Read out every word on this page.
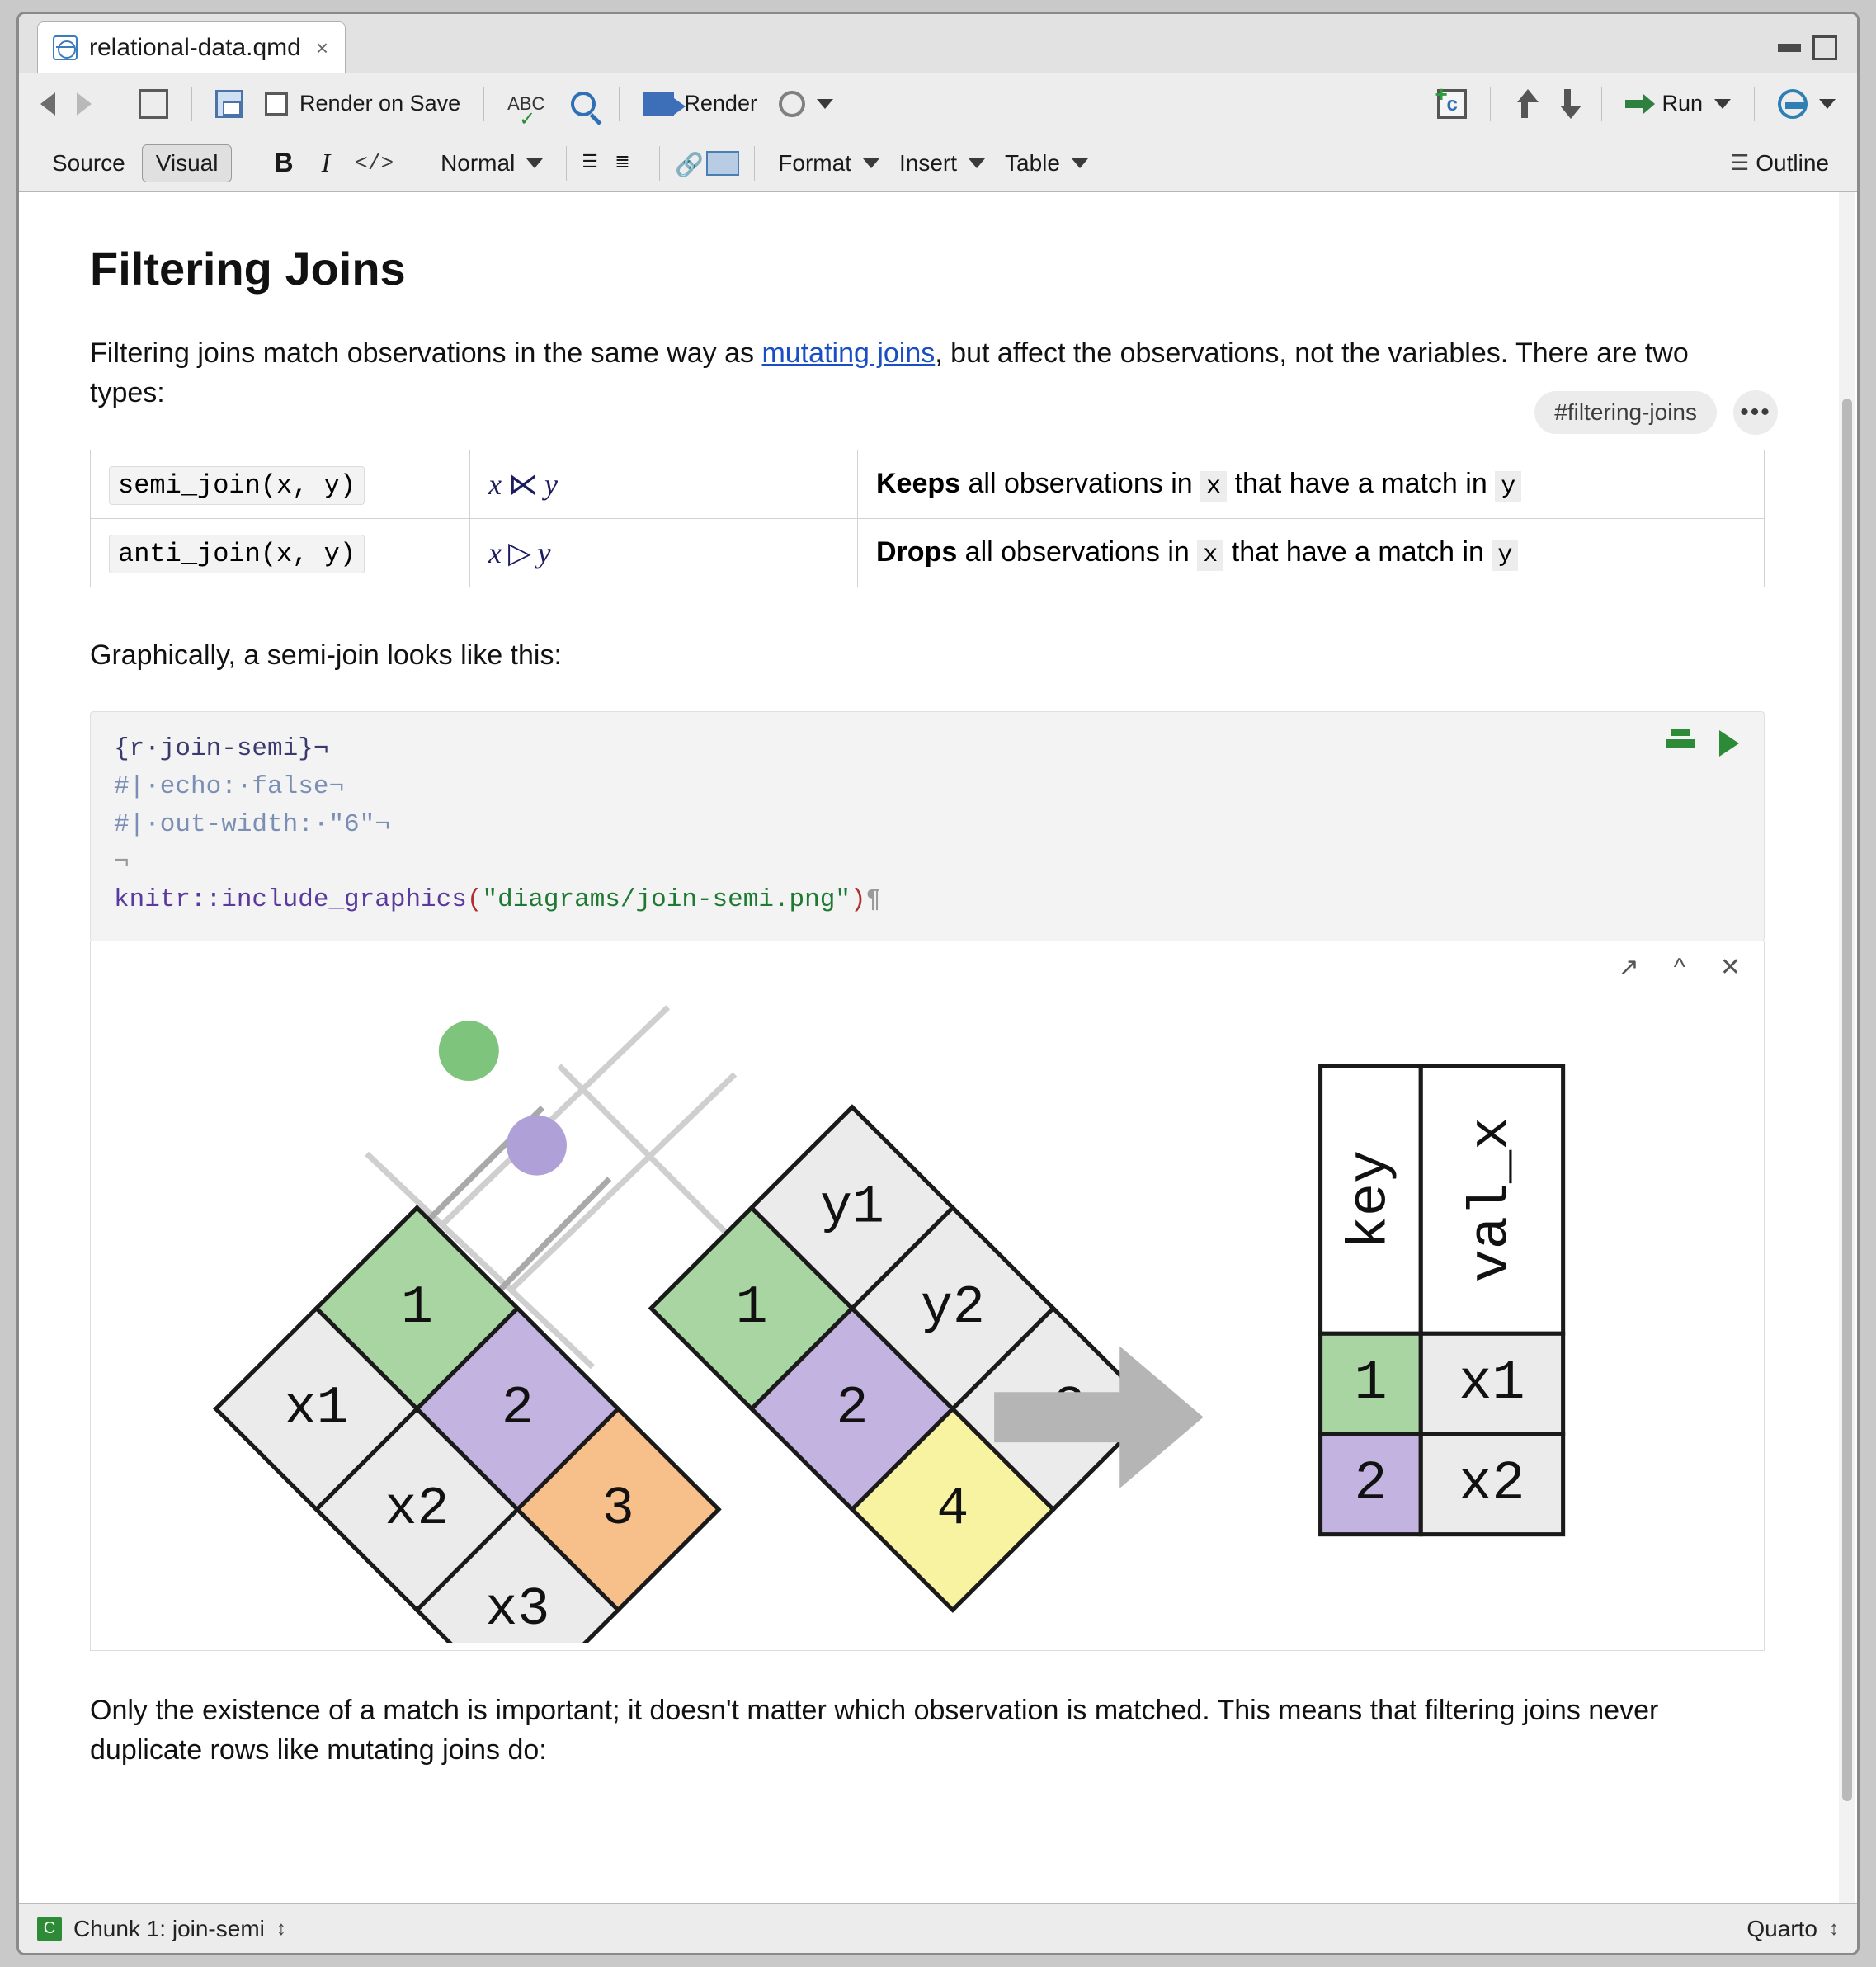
relational-data.qmd ×
Render on Save	ABC
✓
Render	+
c	Run
Source	Visual	B	I	</>	Normal	☰ ≣	🔗	Format Insert Table	☰ Outline
Filtering Joins

Filtering joins match observations in the same way as mutating joins, but affect the observations, not the variables. There are two types:

semi_join(x, y)	x ⋉ y	Keeps all observations in x that have a match in y
anti_join(x, y)	x ▷ y	Drops all observations in x that have a match in y

Graphically, a semi-join looks like this:

{r·join-semi}¬
#|·echo:·false¬
#|·out-width:·"6"¬
¬
knitr::include_graphics("diagrams/join-semi.png")¶
↗ ^ ✕
x1
x2
x3
1
2
3
1
2
4
y1
y2
key val_x
1 x1
2 x2

Only the existence of a match is important; it doesn't matter which observation is matched. This means that filtering joins never duplicate rows like mutating joins do:

#filtering-joins	•••
C Chunk 1: join-semi ↕	Quarto ↕
